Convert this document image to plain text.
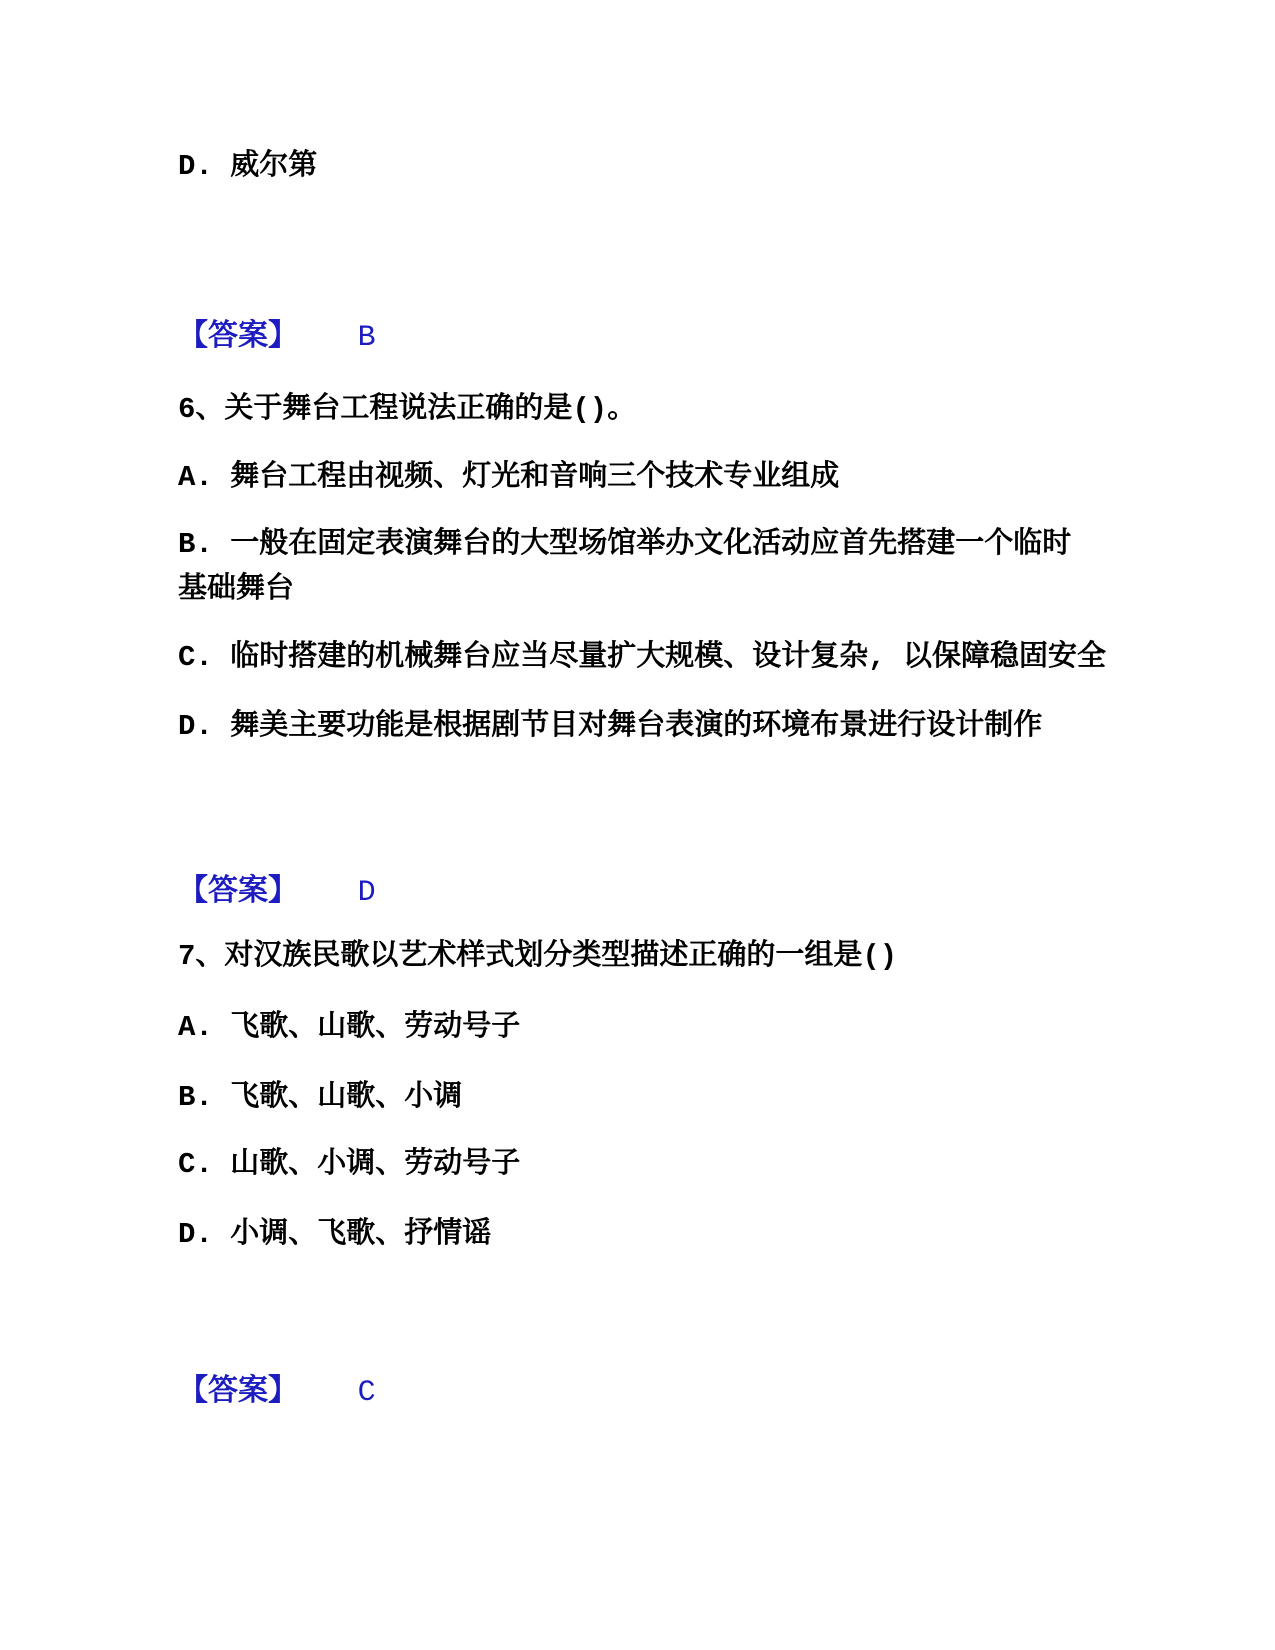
D. 威尔第

【答案】 B

6、关于舞台工程说法正确的是()。

A. 舞台工程由视频、灯光和音响三个技术专业组成

B. 一般在固定表演舞台的大型场馆举办文化活动应首先搭建一个临时基础舞台

C. 临时搭建的机械舞台应当尽量扩大规模、设计复杂, 以保障稳固安全

D. 舞美主要功能是根据剧节目对舞台表演的环境布景进行设计制作

【答案】 D

7、对汉族民歌以艺术样式划分类型描述正确的一组是()

A. 飞歌、山歌、劳动号子

B. 飞歌、山歌、小调

C. 山歌、小调、劳动号子

D. 小调、飞歌、抒情谣

【答案】 C
